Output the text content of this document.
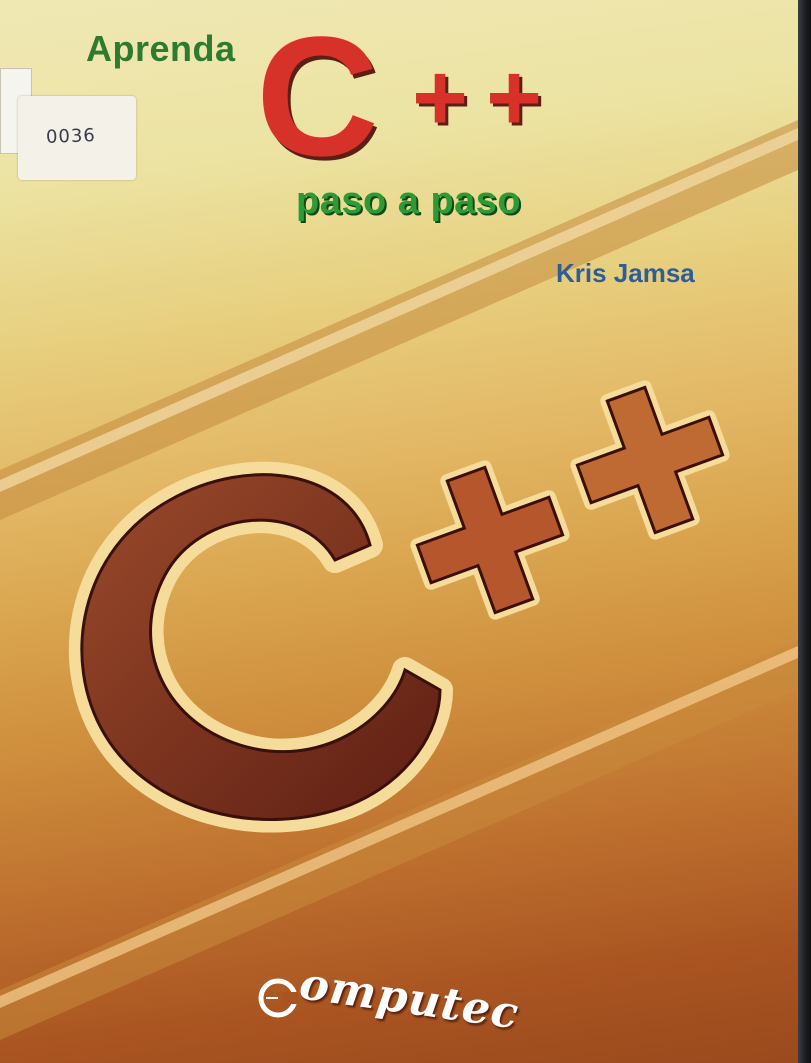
Aprenda C + +
paso a paso
Kris Jamsa
0036
omputec
